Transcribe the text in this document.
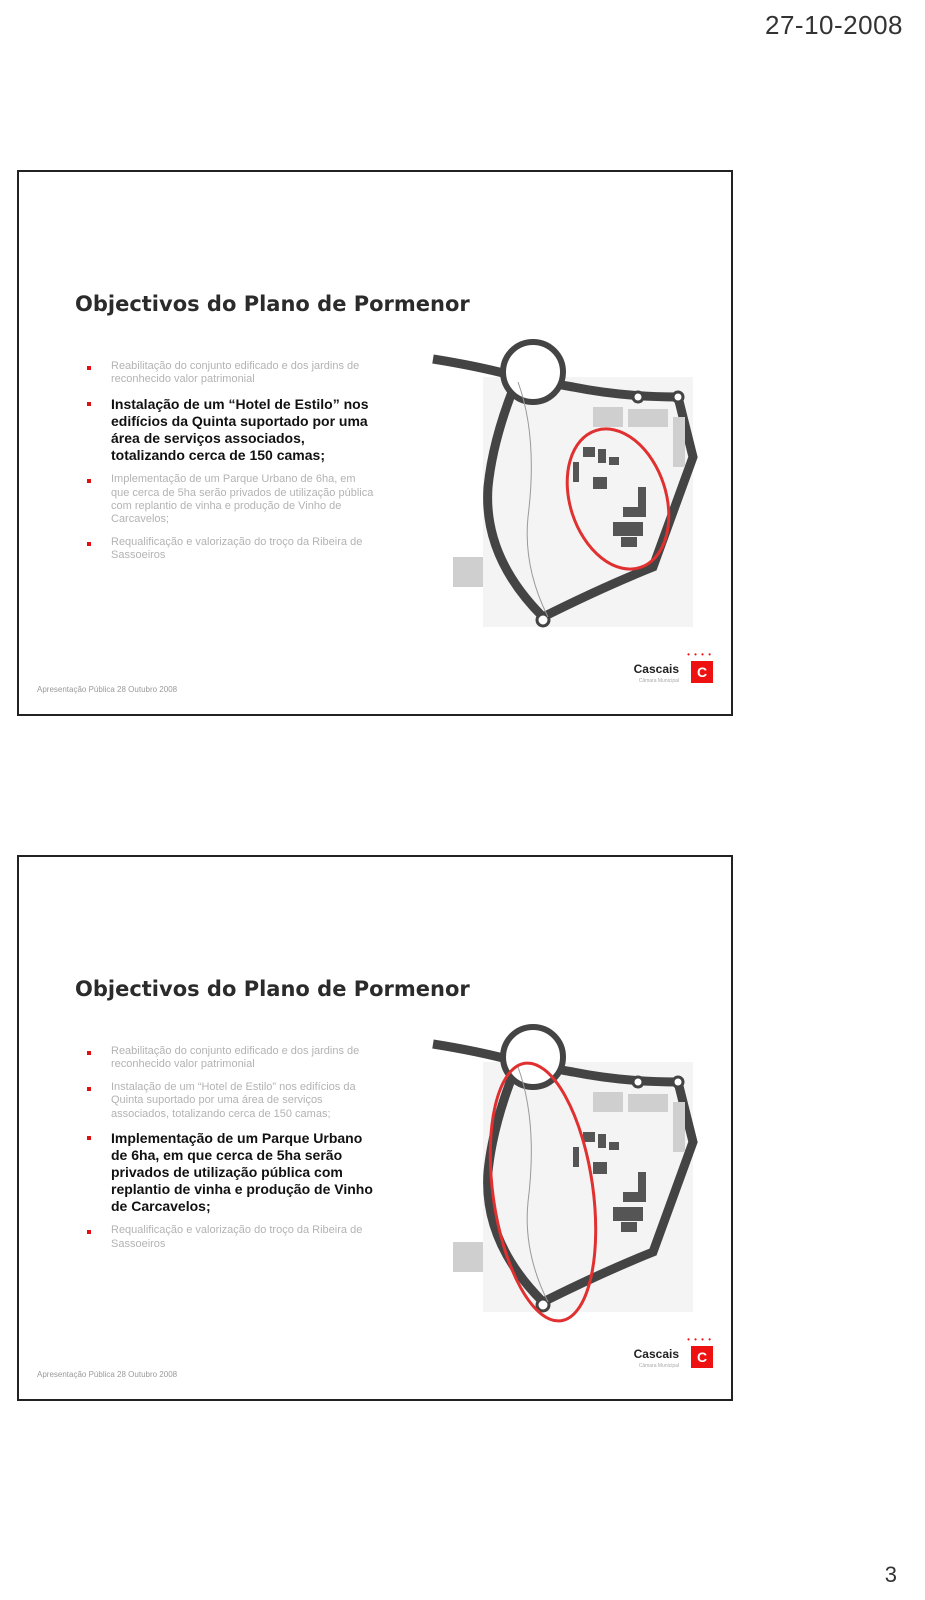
27-10-2008
Objectivos do Plano de Pormenor
Reabilitação do conjunto edificado e dos jardins de reconhecido valor patrimonial
Instalação de um “Hotel de Estilo” nos edifícios da Quinta suportado por uma área de serviços associados, totalizando cerca de 150 camas;
Implementação de um Parque Urbano de 6ha, em que cerca de 5ha serão privados de utilização pública com replantio de vinha e produção de Vinho de Carcavelos;
Requalificação e valorização do troço da Ribeira de Sassoeiros
Apresentação Pública 28 Outubro 2008
• • • •
Cascais
Câmara Municipal
C
Objectivos do Plano de Pormenor
Reabilitação do conjunto edificado e dos jardins de reconhecido valor patrimonial
Instalação de um “Hotel de Estilo” nos edifícios da Quinta suportado por uma área de serviços associados, totalizando cerca de 150 camas;
Implementação de um Parque Urbano de 6ha, em que cerca de 5ha serão privados de utilização pública com replantio de vinha e produção de Vinho de Carcavelos;
Requalificação e valorização do troço da Ribeira de Sassoeiros
Apresentação Pública 28 Outubro 2008
• • • •
Cascais
Câmara Municipal
C
3
